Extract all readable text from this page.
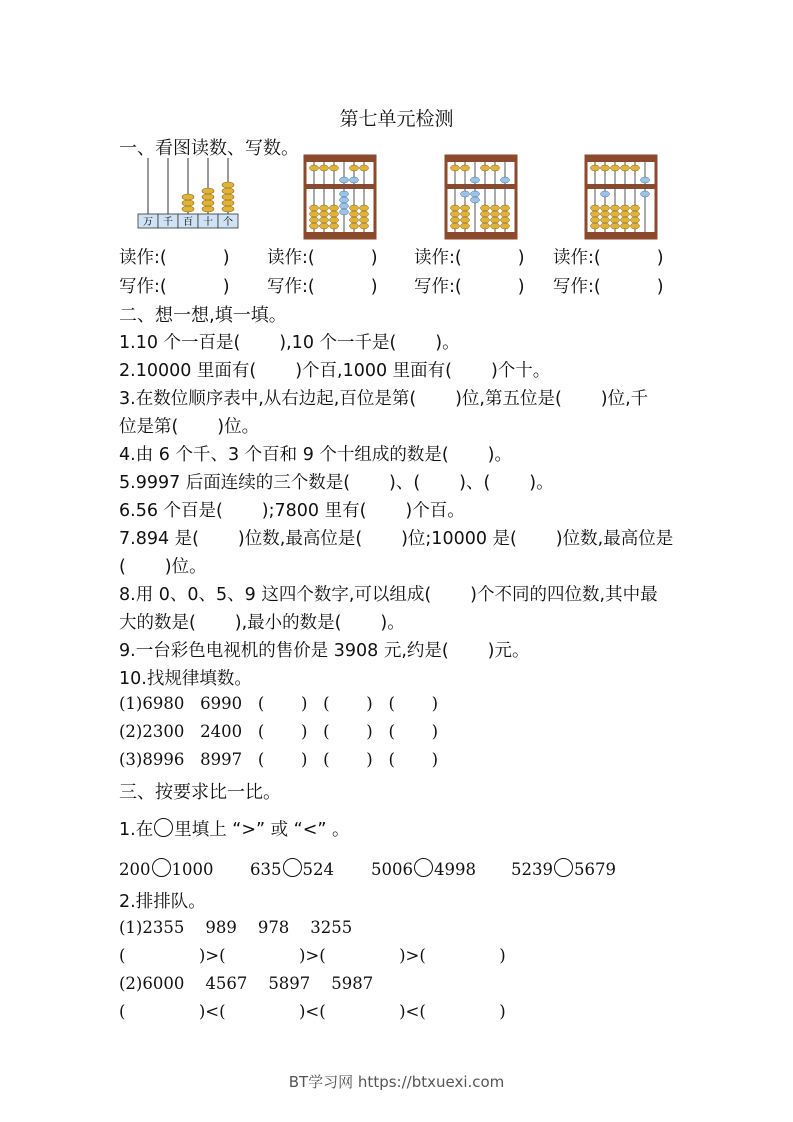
第七单元检测
一、看图读数、写数。
万 千 百 十 个
读作:(	) 读作:(	) 读作:(	) 读作:(	)
写作:(	) 写作:(	) 写作:(	) 写作:(	)
二、想一想,填一填。
1.10 个一百是(       ),10 个一千是(       )。
2.10000 里面有(       )个百,1000 里面有(       )个十。
3.在数位顺序表中,从右边起,百位是第(       )位,第五位是(       )位,千
位是第(       )位。
4.由 6 个千、3 个百和 9 个十组成的数是(       )。
5.9997 后面连续的三个数是(       )、(       )、(       )。
6.56 个百是(       );7800 里有(       )个百。
7.894 是(       )位数,最高位是(       )位;10000 是(       )位数,最高位是
(       )位。
8.用 0、0、5、9 这四个数字,可以组成(       )个不同的四位数,其中最
大的数是(       ),最小的数是(       )。
9.一台彩色电视机的售价是 3908 元,约是(       )元。
10.找规律填数。
(1)6980   6990   (       )   (       )   (       )
(2)2300   2400   (       )   (       )   (       )
(3)8996   8997   (       )   (       )   (       )
三、按要求比一比。
1.在 里填上 “>” 或 “<” 。
200 1000 635 524 5006 4998 5239 5679
2.排排队。
(1)2355    989    978    3255
(              )>(              )>(              )>(              )
(2)6000    4567    5897    5987
(              )<(              )<(              )<(              )
BT学习网 https://btxuexi.com
